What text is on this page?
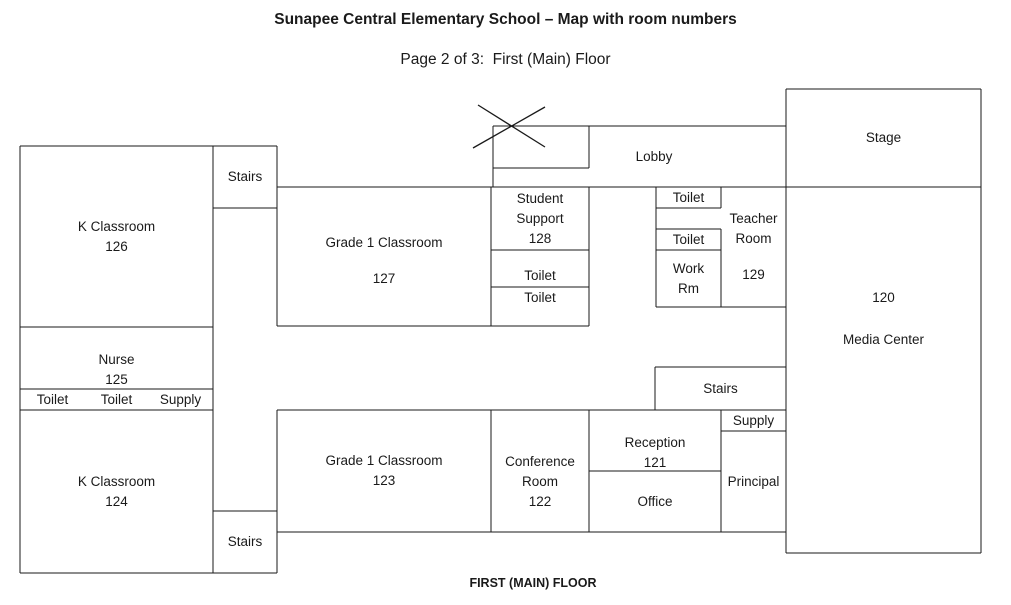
Sunapee Central Elementary School – Map with room numbers
Page 2 of 3:  First (Main) Floor
FIRST (MAIN) FLOOR
K Classroom
126
Stairs
Nurse
125
Toilet	Toilet	Supply
K Classroom
124
Stairs
Grade 1 Classroom
127
Student
Support
128
Toilet
Toilet
Lobby
Stage
120
Media Center
Toilet
Toilet
Work
Rm
Teacher
Room
129
Stairs
Supply
Reception
121
Office
Principal
Conference
Room
122
Grade 1 Classroom
123
